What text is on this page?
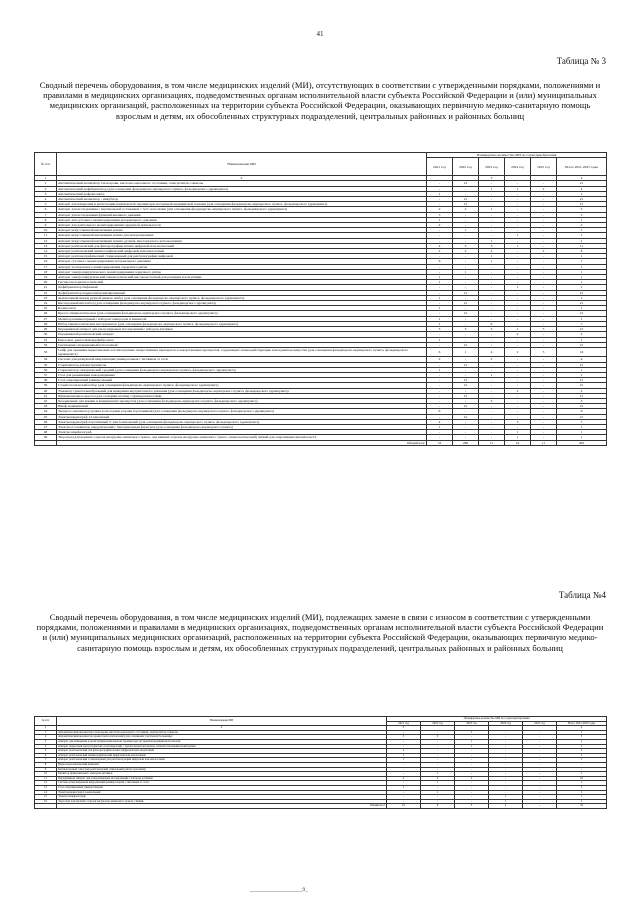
41
Таблица № 3
Сводный перечень оборудования, в том числе медицинских изделий (МИ), отсутствующих в соответствии с утвержденными порядками, положениями и правилами в медицинских организациях, подведомственных органам исполнительной власти субъекта Российской Федерации и (или) муниципальных медицинских организаций, расположенных на территории субъекта Российской Федерации, оказывающих первичную медико-санитарную помощь взрослым и детям, их обособленных структурных подразделений, центральных районных и районных больниц
№ п/п	Наименование МИ	Планируемое количество МИ по годам приобретения					
		2021 год	2022 год	2023 год	2024 год	2025 год	Всего 2021-2025 годы
1	2			3			4
1	Автоматический анализатор газов крови, кислотно-щелочного состояния, электролитов, глюкозы	-	21	-	-	-	21
2	Автоматический дефибриллятор (для оснащения фельдшерско-акушерского пункта, фельдшерского здравпункта)	-	-	1	1	2	4
3	Автоматический рефрактометр	1	-	-	-	-	1
4	Автоматический анализатор - инкубатор	-	21	-	-	-	21
5	Аппарат для измерения и регистрации комплексной терапии при экстренной медицинской помощи (для оснащения фельдшерско-акушерского пункта, фельдшерского здравпункта)	-	21	-	-	-	21
6	Аппарат для исследования с вертикальной установкой с тест-полосками (для оснащения фельдшерско-акушерского пункта, фельдшерского здравпункта)	2	2	1	-	-	5
7	Аппарат для исследования функций внешнего дыхания	5	-	-	-	-	5
8	Аппарат для суточного мониторирования артериального давления	1	-	-	-	-	1
9	Аппарат для длительного мониторирования сердечной деятельности	2	-	-	-	-	2
10	Аппарат искусственной вентиляции легких	-	1	-	-	-	1
11	Аппарат искусственной вентиляции легких для новорожденных	-	-	-	1	-	1
12	Аппарат искусственной вентиляции легких, ручной, многоразового использования	-	-	1	-	-	1
13	Аппарат рентгеновский для флюорографии легких цифровой или аналоговый	4	3	3	1	-	11
14	Аппарат рентгеновский маммографический цифровой или аналоговый	2	2	2	-	2	8
15	Аппарат рентгенографический стационарный для рентгенографии цифровой	-	-	1	-	-	1
16	Аппарат суточного мониторирования артериального давления	6	-	1	-	-	7
17	Аппарат холтеровского мониторирования сердечного ритма	-	-	-	-	-	1
18	Аппарат электрохирургического мониторирования сердечного ритма	-	1	-	-	-	1
19	Аппарат электрохирургический гинекологический высокочастотный для резекции и коагуляции	1	-	-	-	-	1
20	Гистероскоп диагностический	1	-	-	-	-	1
21	Дефибриллятор бифазный	-	-	-	1	-	1
22	Дефибриллятор кардиосинхронизированный	-	21	-	-	-	21
23	Дыхательный мешок ручной (мешок Амбу) (для оснащения фельдшерско-акушерского пункта, фельдшерского здравпункта)	1	-	-	-	-	1
24	Кислородный ингалятор (для оснащения фельдшерско-акушерского пункта, фельдшерского здравпункта)	-	21	-	-	-	21
25	Кольпоскоп	1	-	-	-	-	1
26	Кресло гинекологическое (для оснащения фельдшерско-акушерского пункта, фельдшерского здравпункта)	-	21	-	-	-	21
27	Монитор компьютерный с набором электродов и манжетой	1	-	-	-	-	1
28	Набор гинекологических инструментов (для оснащения фельдшерско-акушерского пункта, фельдшерского здравпункта)	1	-	6	-	-	7
29	Передвижной аппарат для ультразвуковых исследований с набором датчиков	3	3	3	1	5	15
30	Передвижной рентгеновский аппарат	-	-	-	2	-	2
31	Ректоскоп, ректосигмоидофиброскоп	1	-	-	-	-	1
32	Светильник операционный потолочный	-	21	-	-	-	21
33	Сейф для хранения наркотических и психотропных лекарственных препаратов и лекарственных препаратов, содержащих сильнодействующие или ядовитые вещества (для оснащения фельдшерско-акушерского пункта, фельдшерского здравпункта)	6	1	4	2	3	16
34	Система ультразвуковой визуализации универсальная с питанием от сети	2	-	2	-	-	4
35	Стерилизатор для инструментов	-	21	-	-	-	21
36	Стерилизатор электрический средний (для оснащения фельдшерско-акушерского пункта, фельдшерского здравпункта)	1	-	-	-	-	1
37	Стол для реанимации новорожденных	-	-	1	-	-	1
38	Стол операционный универсальный	-	21	-	-	-	21
39	Стоматологический набор (для оснащения фельдшерско-акушерского пункта, фельдшерского здравпункта)	-	21	-	-	-	21
40	Тонометр транспальпебральный для измерения внутриглазного давления (для оснащения фельдшерско-акушерского пункта, фельдшерского здравпункта)	-	-	-	2	-	2
41	Функциональное кресло (для отоларингологии) с принадлежностями	-	21	-	-	-	21
42	Холодильник для вакцин и медицинских препаратов (для оснащения фельдшерско-акушерского пункта, фельдшерского здравпункта)	-	-	3	-	-	3
43	Шкаф медицинский	-	21	-	-	-	21
44	Экспресс-анализатор уровня холестерина в крови портативный (для оснащения фельдшерско-акушерского пункта, фельдшерского здравпункта)	6	-	-	-	-	6
45	Электрокардиограф 12-канальный	-	21	-	-	-	21
46	Электрокардиограф портативный 3- или 6-канальный (для оснащения фельдшерско-акушерского пункта, фельдшерского здравпункта)	4	-	-	3	-	7
47	Электроотсасыватель хирургический с бактериальным фильтром (для оснащения фельдшерско-акушерского пункта)	1	-	-	-	-	1
48	Электроэнцефалограф	-	-	-	1	-	1
49	Эндоскоп (для верхних отделов желудочно-кишечного тракта, для нижних отделов желудочно-кишечного тракта, гинекологический) гибкий для оперативных вмешательств	-	-	-	1	-	1
	Общий итог	53	286	11	19	11	402
Таблица №4
Сводный перечень оборудования, в том числе медицинских изделий (МИ), подлежащих замене в связи с износом в соответствии с утвержденными порядками, положениями и правилами в медицинских организациях, подведомственных органам исполнительной власти субъекта Российской Федерации и (или) муниципальных медицинских организаций, расположенных на территории субъекта Российской Федерации, оказывающих первичную медико-санитарную помощь взрослым и детям, их обособленных структурных подразделений, центральных районных и районных больниц
№ п/п	Наименование МИ	Планируемое количество МИ по годам приобретения					
		2021 год	2022 год	2023 год	2024 год	2025 год	Всего 2021-2025 годы
1	2	3					4
1	Автоматический анализатор газов крови, кислотно-щелочного состояния, электролитов, глюкозы	-	-	1	-	-	1
2	Автоматический анализатор крови гематологический (для оснащения участковой больницы)	3	2	-	-	-	5
3	Аппарат для измерения и регистрации комплексной терапии при экстренной медицинской помощи	-	-	1	-	-	1
4	Аппарат наркозный (полуоткрытый, полузакрытый) с дыхательным автоматом, вспомогательными мониторами	-	-	1	-	-	1
5	Аппарат рентгеновский для флюорографии легких цифровой или аналоговый	2	-	-	-	-	2
6	Аппарат рентгеновский маммографический цифровой или аналоговый	1	-	-	-	-	1
7	Аппарат рентгеновский стационарный для рентгенографии цифровой или аналоговый	1	-	-	-	-	1
8	Видеоэндоскопический комплекс	-	-	-	-	-	-
9	Компьютерный томограф рентгеновский спиральный (многосрезовый)	-	-	-	-	-	-
10	Монитор прикроватный с набором датчиков	-	1	-	-	-	1
11	Передвижной аппарат для ультразвуковых исследований с набором датчиков	4	4	2	-	-	10
12	Система ультразвуковой визуализации универсальная с питанием от сети	-	1	-	-	-	1
13	Стол операционный универсальный	1	-	-	-	-	1
14	Электрокардиограф 12-канальный	-	1	-	-	-	1
15	Электроэнцефалограф	-	-	-	1	-	1
16	Эндоскоп для верхних отделов желудочно-кишечного тракта, гибкий	-	-	-	1	-	1
	Общий итог	16	9	5	2	-	32
_____________________9_
